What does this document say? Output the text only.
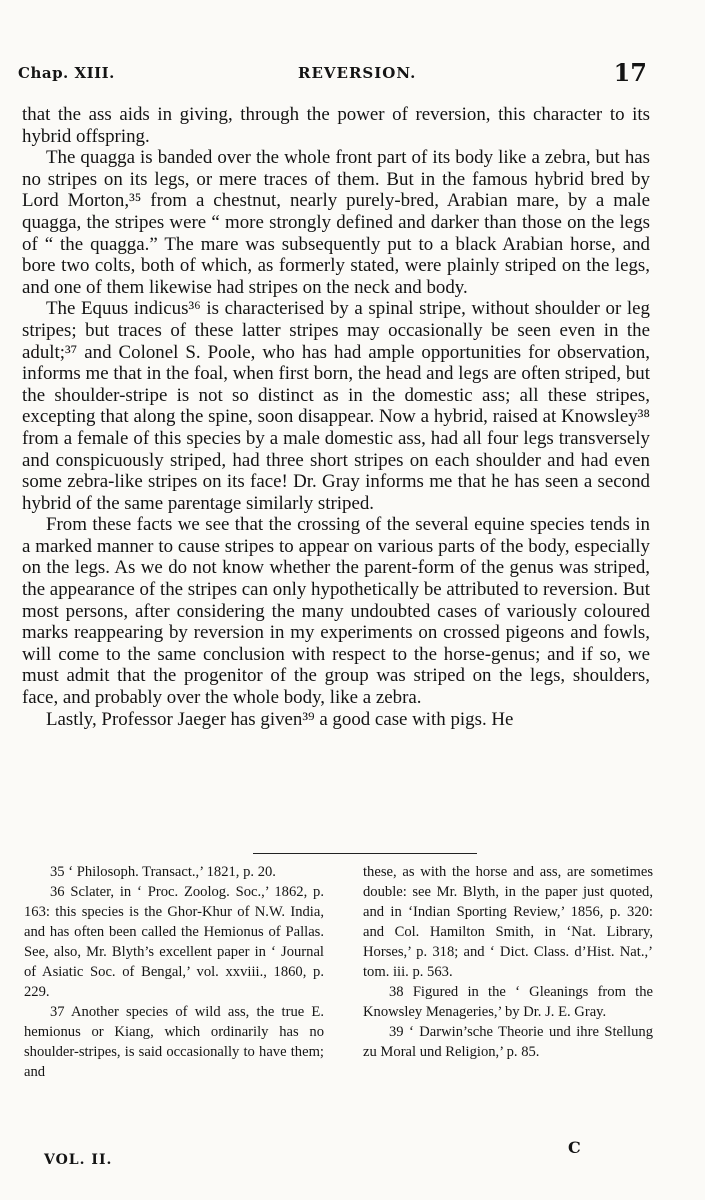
Chap. XIII.	REVERSION.	17

that the ass aids in giving, through the power of reversion, this character to its hybrid offspring.

The quagga is banded over the whole front part of its body like a zebra, but has no stripes on its legs, or mere traces of them. But in the famous hybrid bred by Lord Morton,³⁵ from a chestnut, nearly purely-bred, Arabian mare, by a male quagga, the stripes were “ more strongly defined and darker than those on the legs of “ the quagga.” The mare was subsequently put to a black Arabian horse, and bore two colts, both of which, as formerly stated, were plainly striped on the legs, and one of them likewise had stripes on the neck and body.

The Equus indicus³⁶ is characterised by a spinal stripe, without shoulder or leg stripes; but traces of these latter stripes may occasionally be seen even in the adult;³⁷ and Colonel S. Poole, who has had ample opportunities for observation, informs me that in the foal, when first born, the head and legs are often striped, but the shoulder-stripe is not so distinct as in the domestic ass; all these stripes, excepting that along the spine, soon disappear. Now a hybrid, raised at Knowsley³⁸ from a female of this species by a male domestic ass, had all four legs transversely and conspicuously striped, had three short stripes on each shoulder and had even some zebra-like stripes on its face! Dr. Gray informs me that he has seen a second hybrid of the same parentage similarly striped.

From these facts we see that the crossing of the several equine species tends in a marked manner to cause stripes to appear on various parts of the body, especially on the legs. As we do not know whether the parent-form of the genus was striped, the appearance of the stripes can only hypothetically be attributed to reversion. But most persons, after considering the many undoubted cases of variously coloured marks reappearing by reversion in my experiments on crossed pigeons and fowls, will come to the same conclusion with respect to the horse-genus; and if so, we must admit that the progenitor of the group was striped on the legs, shoulders, face, and probably over the whole body, like a zebra.

Lastly, Professor Jaeger has given³⁹ a good case with pigs. He

35 ‘ Philosoph. Transact.,’ 1821, p. 20.

36 Sclater, in ‘ Proc. Zoolog. Soc.,’ 1862, p. 163: this species is the Ghor-Khur of N.W. India, and has often been called the Hemionus of Pallas. See, also, Mr. Blyth’s excellent paper in ‘ Journal of Asiatic Soc. of Bengal,’ vol. xxviii., 1860, p. 229.

37 Another species of wild ass, the true E. hemionus or Kiang, which ordinarily has no shoulder-stripes, is said occasionally to have them; and

these, as with the horse and ass, are sometimes double: see Mr. Blyth, in the paper just quoted, and in ‘Indian Sporting Review,’ 1856, p. 320: and Col. Hamilton Smith, in ‘Nat. Library, Horses,’ p. 318; and ‘ Dict. Class. d’Hist. Nat.,’ tom. iii. p. 563.

38 Figured in the ‘ Gleanings from the Knowsley Menageries,’ by Dr. J. E. Gray.

39 ‘ Darwin’sche Theorie und ihre Stellung zu Moral und Religion,’ p. 85.

VOL. II.
C
